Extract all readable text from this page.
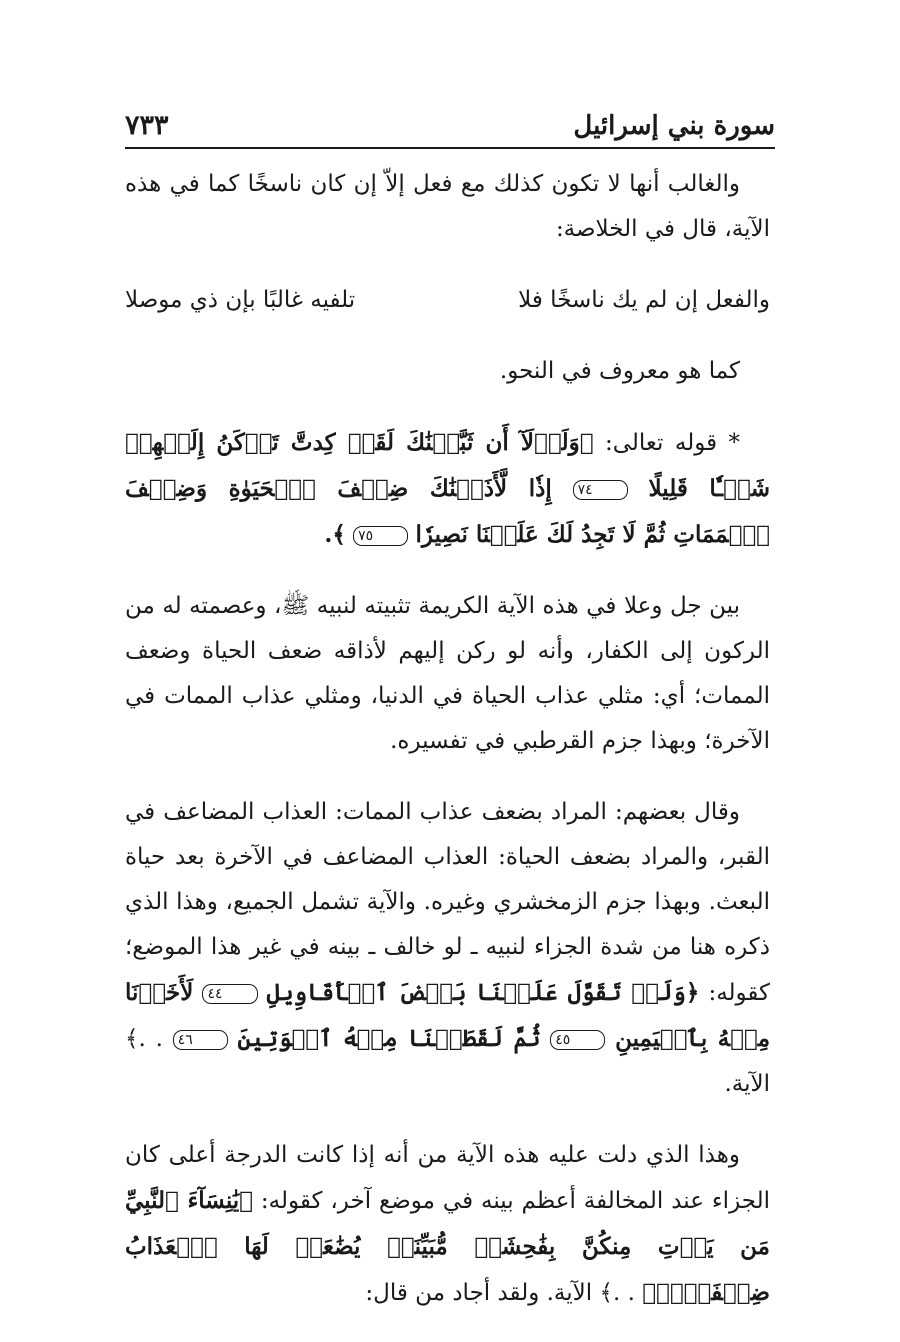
سورة بني إسرائيل
٧٣٣

والغالب أنها لا تكون كذلك مع فعل إلاّ إن كان ناسخًا كما في هذه الآية، قال في الخلاصة:

والفعل إن لم يك ناسخًا فلا
تلفيه غالبًا بإن ذي موصلا

كما هو معروف في النحو.

* قوله تعالى: ﴿وَلَوۡلَآ أَن ثَبَّتۡنَٰكَ لَقَدۡ كِدتَّ تَرۡكَنُ إِلَيۡهِمۡ شَيۡـٔٗا قَلِيلًا ٧٤ إِذٗا لَّأَذَقۡنَٰكَ ضِعۡفَ ٱلۡحَيَوٰةِ وَضِعۡفَ ٱلۡمَمَاتِ ثُمَّ لَا تَجِدُ لَكَ عَلَيۡنَا نَصِيرٗا ٧٥ ﴾.

بين جل وعلا في هذه الآية الكريمة تثبيته لنبيه ﷺ، وعصمته له من الركون إلى الكفار، وأنه لو ركن إليهم لأذاقه ضعف الحياة وضعف الممات؛ أي: مثلي عذاب الحياة في الدنيا، ومثلي عذاب الممات في الآخرة؛ وبهذا جزم القرطبي في تفسيره.

وقال بعضهم: المراد بضعف عذاب الممات: العذاب المضاعف في القبر، والمراد بضعف الحياة: العذاب المضاعف في الآخرة بعد حياة البعث. وبهذا جزم الزمخشري وغيره. والآية تشمل الجميع، وهذا الذي ذكره هنا من شدة الجزاء لنبيه ـ لو خالف ـ بينه في غير هذا الموضع؛ كقوله: ﴿وَلَوۡ تَقَوَّلَ عَلَيۡنَا بَعۡضَ ٱلۡأَقَاوِيلِ ٤٤ لَأَخَذۡنَا مِنۡهُ بِٱلۡيَمِينِ ٤٥ ثُمَّ لَقَطَعۡنَا مِنۡهُ ٱلۡوَتِينَ ٤٦ . .﴾ الآية.

وهذا الذي دلت عليه هذه الآية من أنه إذا كانت الدرجة أعلى كان الجزاء عند المخالفة أعظم بينه في موضع آخر، كقوله: ﴿يَٰنِسَآءَ ٱلنَّبِيِّ مَن يَأۡتِ مِنكُنَّ بِفَٰحِشَةٖ مُّبَيِّنَةٖ يُضَٰعَفۡ لَهَا ٱلۡعَذَابُ ضِعۡفَيۡنِۚ . .﴾ الآية. ولقد أجاد من قال:
